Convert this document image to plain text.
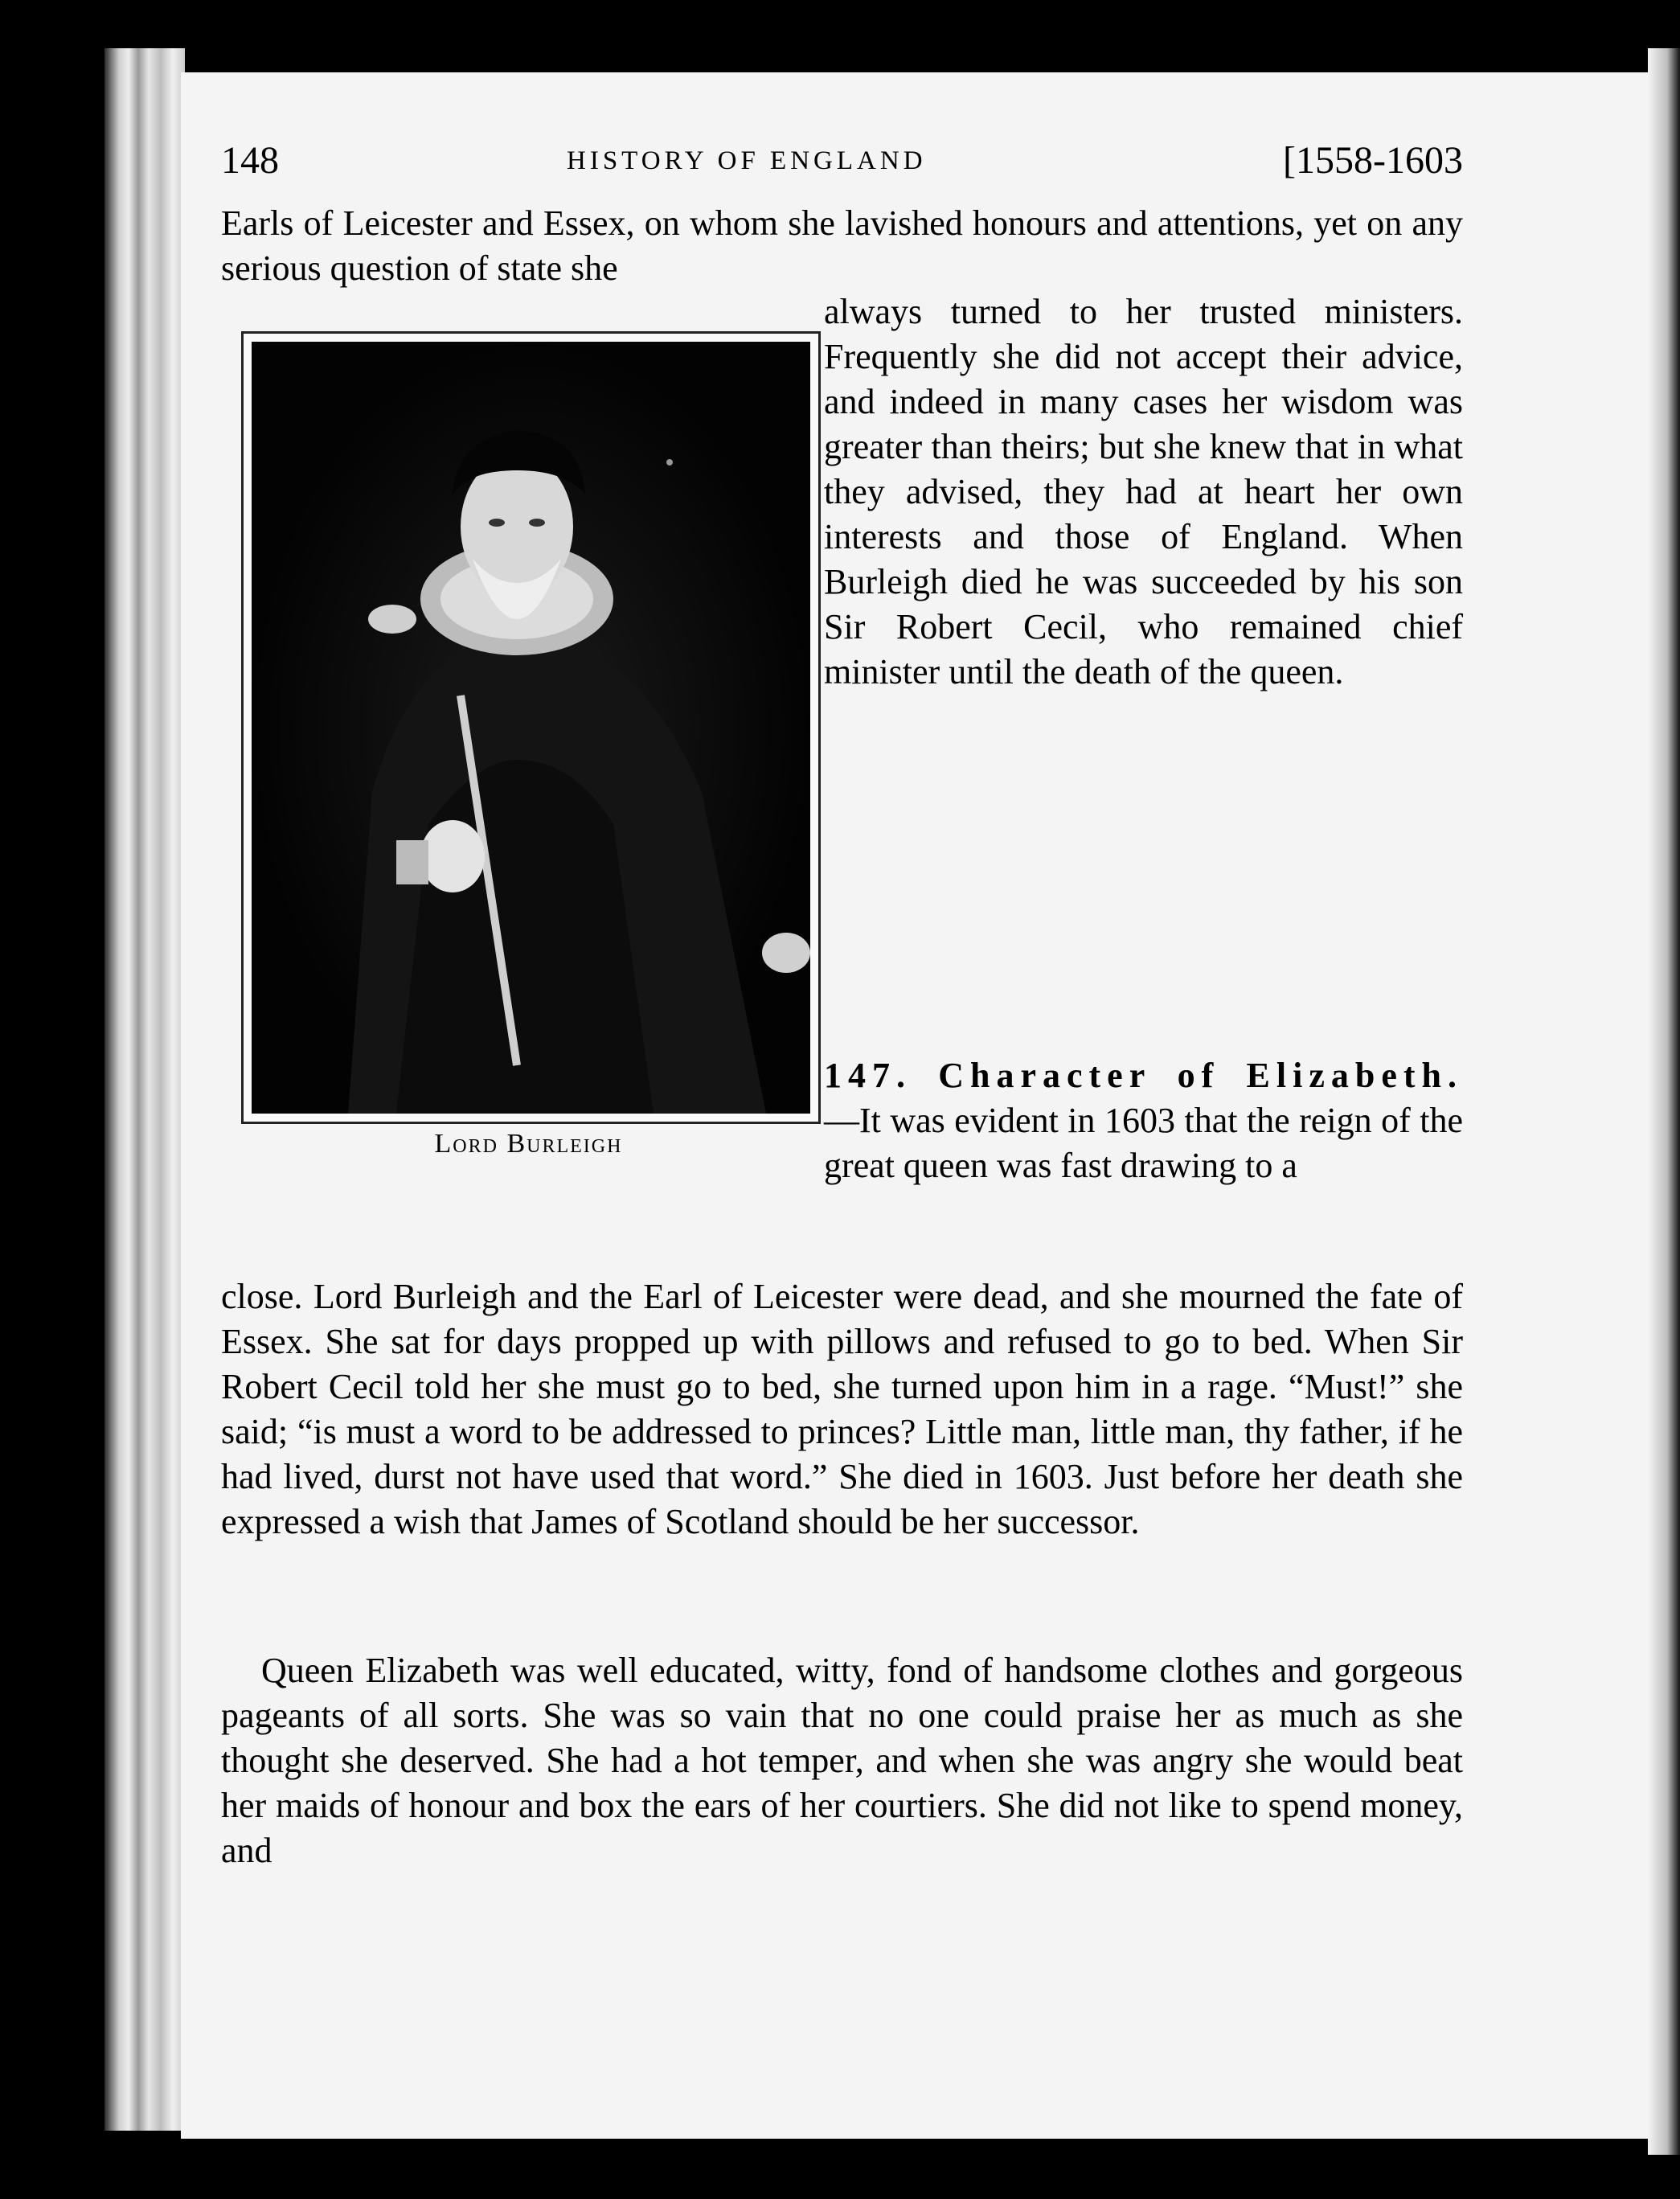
148	HISTORY OF ENGLAND	[1558-1603

Earls of Leicester and Essex, on whom she lavished honours and attentions, yet on any serious question of state she

always turned to her trusted ministers. Frequently she did not accept their advice, and indeed in many cases her wisdom was greater than theirs; but she knew that in what they advised, they had at heart her own interests and those of England. When Burleigh died he was succeeded by his son Sir Robert Cecil, who remained chief minister until the death of the queen.

Lord Burleigh

147. Character of Elizabeth.—It was evident in 1603 that the reign of the great queen was fast drawing to a

close. Lord Burleigh and the Earl of Leicester were dead, and she mourned the fate of Essex. She sat for days propped up with pillows and refused to go to bed. When Sir Robert Cecil told her she must go to bed, she turned upon him in a rage. “Must!” she said; “is must a word to be addressed to princes? Little man, little man, thy father, if he had lived, durst not have used that word.” She died in 1603. Just before her death she expressed a wish that James of Scotland should be her successor.

Queen Elizabeth was well educated, witty, fond of handsome clothes and gorgeous pageants of all sorts. She was so vain that no one could praise her as much as she thought she deserved. She had a hot temper, and when she was angry she would beat her maids of honour and box the ears of her courtiers. She did not like to spend money, and
